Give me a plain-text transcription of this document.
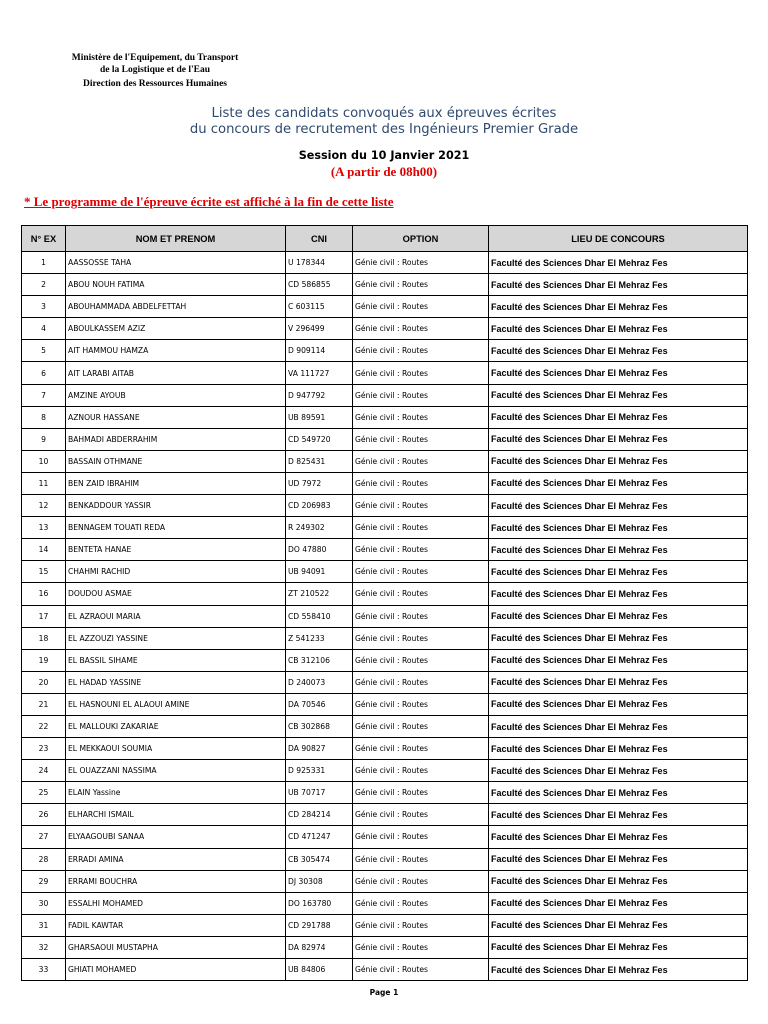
Ministère de l'Equipement, du Transport
de la Logistique et de l'Eau
Direction des Ressources Humaines
Liste des candidats convoqués aux épreuves écrites
du concours de recrutement des Ingénieurs Premier Grade
Session du 10 Janvier 2021
(A partir de 08h00)
* Le programme de l'épreuve écrite est affiché à la fin de cette liste
N° EX	NOM ET PRENOM	CNI	OPTION	LIEU DE CONCOURS
1	AASSOSSE TAHA	U 178344	Génie civil : Routes	Faculté des Sciences Dhar El Mehraz Fes
2	ABOU NOUH FATIMA	CD 586855	Génie civil : Routes	Faculté des Sciences Dhar El Mehraz Fes
3	ABOUHAMMADA ABDELFETTAH	C 603115	Génie civil : Routes	Faculté des Sciences Dhar El Mehraz Fes
4	ABOULKASSEM AZIZ	V 296499	Génie civil : Routes	Faculté des Sciences Dhar El Mehraz Fes
5	AIT HAMMOU HAMZA	D 909114	Génie civil : Routes	Faculté des Sciences Dhar El Mehraz Fes
6	AIT LARABI AITAB	VA 111727	Génie civil : Routes	Faculté des Sciences Dhar El Mehraz Fes
7	AMZINE AYOUB	D 947792	Génie civil : Routes	Faculté des Sciences Dhar El Mehraz Fes
8	AZNOUR HASSANE	UB 89591	Génie civil : Routes	Faculté des Sciences Dhar El Mehraz Fes
9	BAHMADI ABDERRAHIM	CD 549720	Génie civil : Routes	Faculté des Sciences Dhar El Mehraz Fes
10	BASSAIN OTHMANE	D 825431	Génie civil : Routes	Faculté des Sciences Dhar El Mehraz Fes
11	BEN ZAID IBRAHIM	UD 7972	Génie civil : Routes	Faculté des Sciences Dhar El Mehraz Fes
12	BENKADDOUR YASSIR	CD 206983	Génie civil : Routes	Faculté des Sciences Dhar El Mehraz Fes
13	BENNAGEM TOUATI REDA	R 249302	Génie civil : Routes	Faculté des Sciences Dhar El Mehraz Fes
14	BENTETA HANAE	DO 47880	Génie civil : Routes	Faculté des Sciences Dhar El Mehraz Fes
15	CHAHMI RACHID	UB 94091	Génie civil : Routes	Faculté des Sciences Dhar El Mehraz Fes
16	DOUDOU ASMAE	ZT 210522	Génie civil : Routes	Faculté des Sciences Dhar El Mehraz Fes
17	EL AZRAOUI MARIA	CD 558410	Génie civil : Routes	Faculté des Sciences Dhar El Mehraz Fes
18	EL AZZOUZI YASSINE	Z 541233	Génie civil : Routes	Faculté des Sciences Dhar El Mehraz Fes
19	EL BASSIL SIHAME	CB 312106	Génie civil : Routes	Faculté des Sciences Dhar El Mehraz Fes
20	EL HADAD YASSINE	D 240073	Génie civil : Routes	Faculté des Sciences Dhar El Mehraz Fes
21	EL HASNOUNI EL ALAOUI AMINE	DA 70546	Génie civil : Routes	Faculté des Sciences Dhar El Mehraz Fes
22	EL MALLOUKI ZAKARIAE	CB 302868	Génie civil : Routes	Faculté des Sciences Dhar El Mehraz Fes
23	EL MEKKAOUI SOUMIA	DA 90827	Génie civil : Routes	Faculté des Sciences Dhar El Mehraz Fes
24	EL OUAZZANI NASSIMA	D 925331	Génie civil : Routes	Faculté des Sciences Dhar El Mehraz Fes
25	ELAIN Yassine	UB 70717	Génie civil : Routes	Faculté des Sciences Dhar El Mehraz Fes
26	ELHARCHI ISMAIL	CD 284214	Génie civil : Routes	Faculté des Sciences Dhar El Mehraz Fes
27	ELYAAGOUBI SANAA	CD 471247	Génie civil : Routes	Faculté des Sciences Dhar El Mehraz Fes
28	ERRADI AMINA	CB 305474	Génie civil : Routes	Faculté des Sciences Dhar El Mehraz Fes
29	ERRAMI BOUCHRA	DJ 30308	Génie civil : Routes	Faculté des Sciences Dhar El Mehraz Fes
30	ESSALHI MOHAMED	DO 163780	Génie civil : Routes	Faculté des Sciences Dhar El Mehraz Fes
31	FADIL KAWTAR	CD 291788	Génie civil : Routes	Faculté des Sciences Dhar El Mehraz Fes
32	GHARSAOUI MUSTAPHA	DA 82974	Génie civil : Routes	Faculté des Sciences Dhar El Mehraz Fes
33	GHIATI MOHAMED	UB 84806	Génie civil : Routes	Faculté des Sciences Dhar El Mehraz Fes
Page 1
